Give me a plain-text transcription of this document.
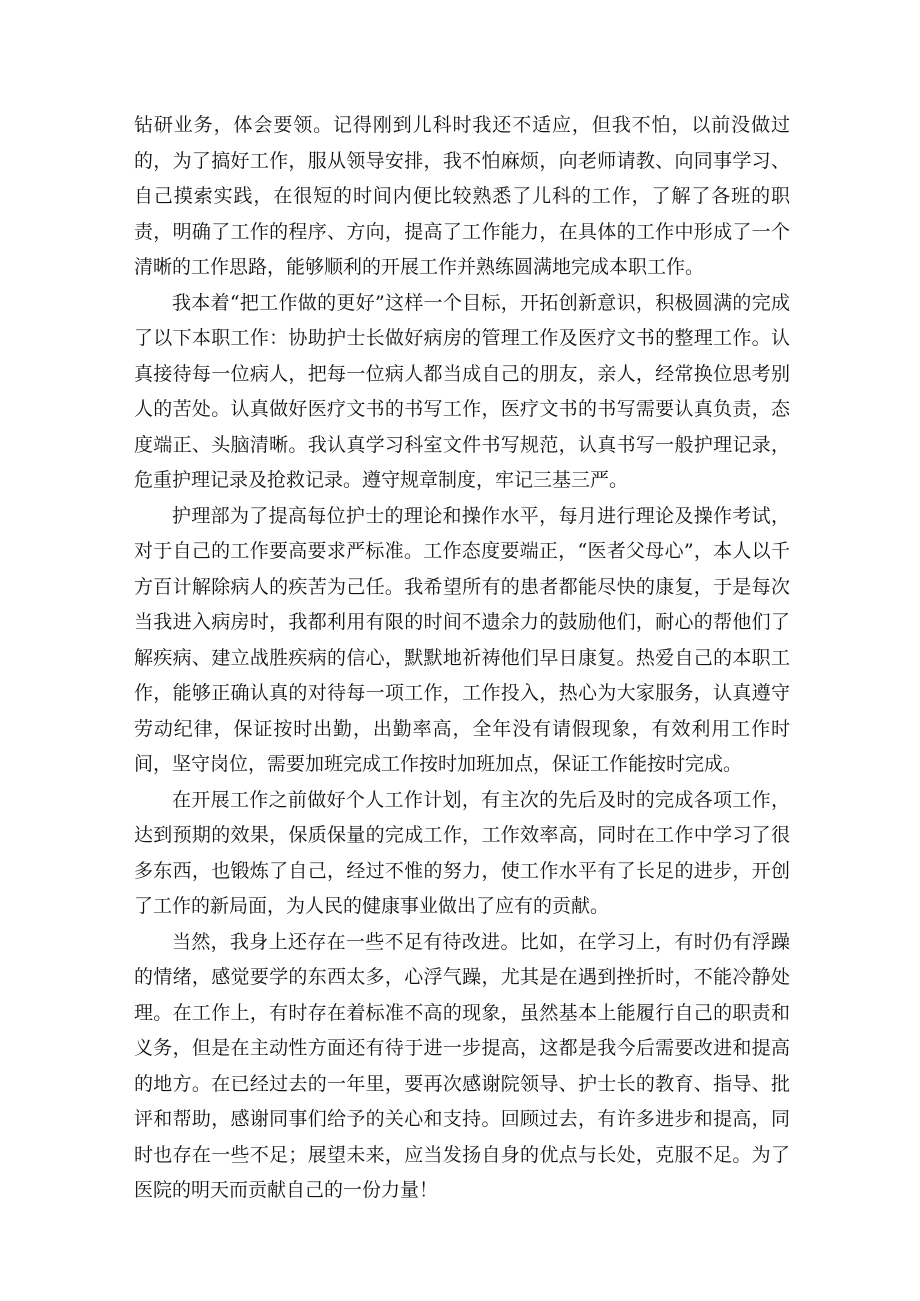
钻研业务，体会要领。记得刚到儿科时我还不适应，但我不怕，以前没做过的，为了搞好工作，服从领导安排，我不怕麻烦，向老师请教、向同事学习、自己摸索实践，在很短的时间内便比较熟悉了儿科的工作，了解了各班的职责，明确了工作的程序、方向，提高了工作能力，在具体的工作中形成了一个清晰的工作思路，能够顺利的开展工作并熟练圆满地完成本职工作。

我本着“把工作做的更好”这样一个目标，开拓创新意识，积极圆满的完成了以下本职工作：协助护士长做好病房的管理工作及医疗文书的整理工作。认真接待每一位病人，把每一位病人都当成自己的朋友，亲人，经常换位思考别人的苦处。认真做好医疗文书的书写工作，医疗文书的书写需要认真负责，态度端正、头脑清晰。我认真学习科室文件书写规范，认真书写一般护理记录，危重护理记录及抢救记录。遵守规章制度，牢记三基三严。

护理部为了提高每位护士的理论和操作水平，每月进行理论及操作考试，对于自己的工作要高要求严标准。工作态度要端正，“医者父母心”，本人以千方百计解除病人的疾苦为己任。我希望所有的患者都能尽快的康复，于是每次当我进入病房时，我都利用有限的时间不遗余力的鼓励他们，耐心的帮他们了解疾病、建立战胜疾病的信心，默默地祈祷他们早日康复。热爱自己的本职工作，能够正确认真的对待每一项工作，工作投入，热心为大家服务，认真遵守劳动纪律，保证按时出勤，出勤率高，全年没有请假现象，有效利用工作时间，坚守岗位，需要加班完成工作按时加班加点，保证工作能按时完成。

在开展工作之前做好个人工作计划，有主次的先后及时的完成各项工作，达到预期的效果，保质保量的完成工作，工作效率高，同时在工作中学习了很多东西，也锻炼了自己，经过不惟的努力，使工作水平有了长足的进步，开创了工作的新局面，为人民的健康事业做出了应有的贡献。

当然，我身上还存在一些不足有待改进。比如，在学习上，有时仍有浮躁的情绪，感觉要学的东西太多，心浮气躁，尤其是在遇到挫折时，不能冷静处理。在工作上，有时存在着标准不高的现象，虽然基本上能履行自己的职责和义务，但是在主动性方面还有待于进一步提高，这都是我今后需要改进和提高的地方。在已经过去的一年里，要再次感谢院领导、护士长的教育、指导、批评和帮助，感谢同事们给予的关心和支持。回顾过去，有许多进步和提高，同时也存在一些不足；展望未来，应当发扬自身的优点与长处，克服不足。为了医院的明天而贡献自己的一份力量！
